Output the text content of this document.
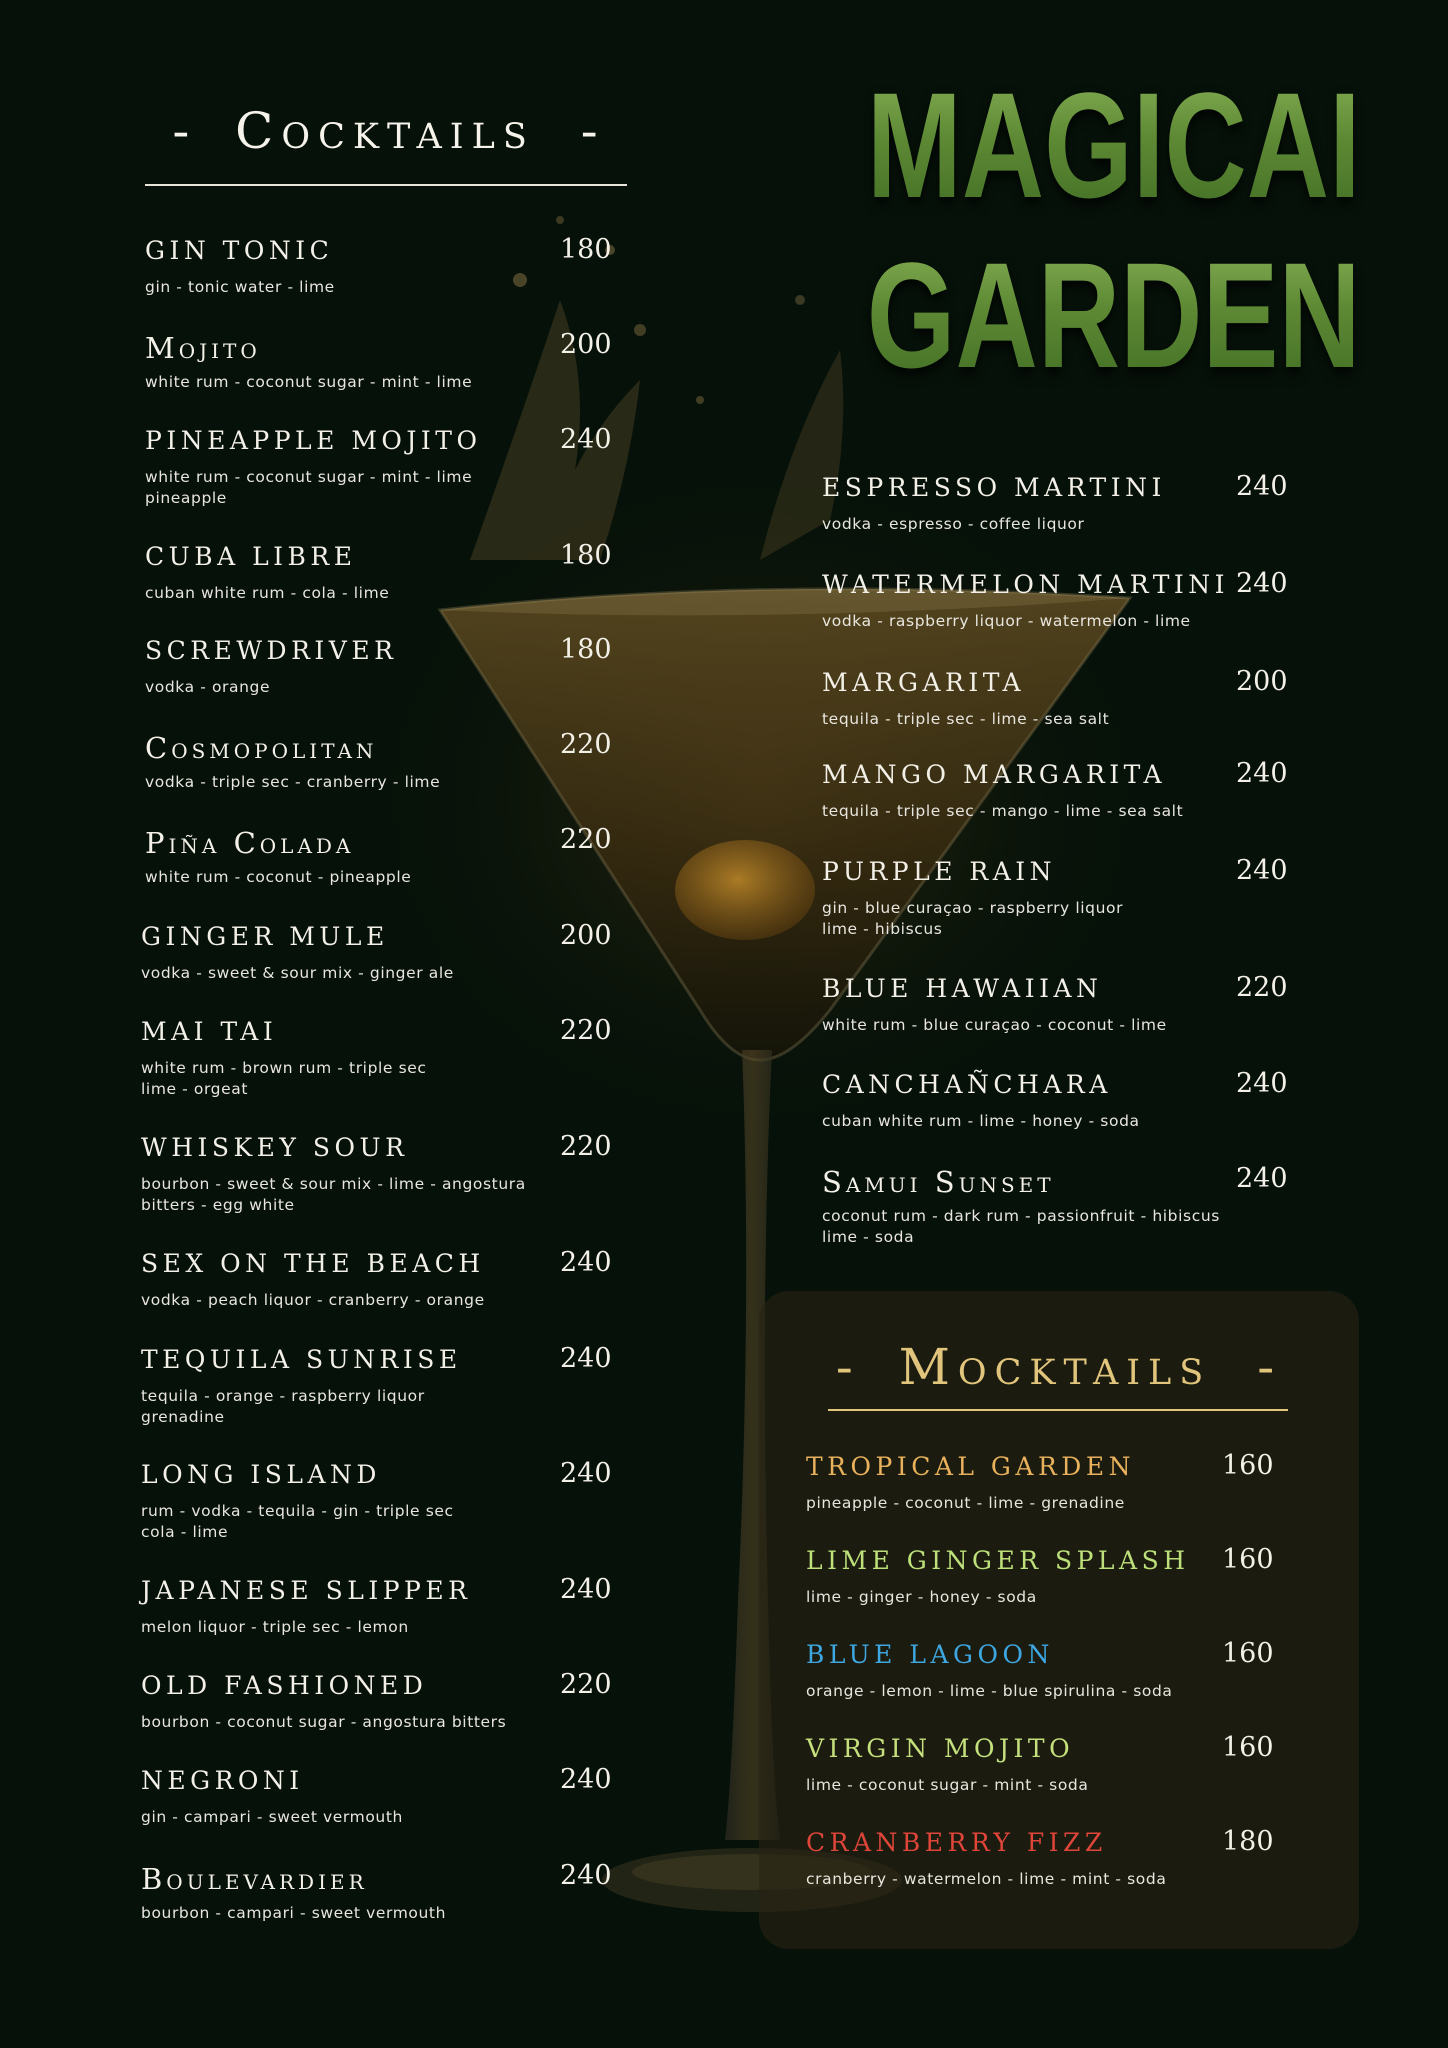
MAGICAL
GARDEN
- Cocktails -
GIN TONIC	180
gin - tonic water - lime
Mojito	200
white rum - coconut sugar - mint - lime
PINEAPPLE MOJITO	240
white rum - coconut sugar - mint - lime
pineapple
CUBA LIBRE	180
cuban white rum - cola - lime
SCREWDRIVER	180
vodka - orange
Cosmopolitan	220
vodka - triple sec - cranberry - lime
Piña Colada	220
white rum - coconut - pineapple
GINGER MULE	200
vodka - sweet & sour mix - ginger ale
MAI TAI	220
white rum - brown rum - triple sec
lime - orgeat
WHISKEY SOUR	220
bourbon - sweet & sour mix - lime - angostura
bitters - egg white
SEX ON THE BEACH	240
vodka - peach liquor - cranberry - orange
TEQUILA SUNRISE	240
tequila - orange - raspberry liquor
grenadine
LONG ISLAND	240
rum - vodka - tequila - gin - triple sec
cola - lime
JAPANESE SLIPPER	240
melon liquor - triple sec - lemon
OLD FASHIONED	220
bourbon - coconut sugar - angostura bitters
NEGRONI	240
gin - campari - sweet vermouth
Boulevardier	240
bourbon - campari - sweet vermouth
ESPRESSO MARTINI	240
vodka - espresso - coffee liquor
WATERMELON MARTINI 240
vodka - raspberry liquor - watermelon - lime
MARGARITA	200
tequila - triple sec - lime - sea salt
MANGO MARGARITA	240
tequila - triple sec - mango - lime - sea salt
PURPLE RAIN	240
gin - blue curaçao - raspberry liquor
lime - hibiscus
BLUE HAWAIIAN	220
white rum - blue curaçao - coconut - lime
CANCHAÑCHARA	240
cuban white rum - lime - honey - soda
Samui Sunset	240
coconut rum - dark rum - passionfruit - hibiscus
lime - soda
- Mocktails -
TROPICAL GARDEN	160
pineapple - coconut - lime - grenadine
LIME GINGER SPLASH 160
lime - ginger - honey - soda
BLUE LAGOON	160
orange - lemon - lime - blue spirulina - soda
VIRGIN MOJITO	160
lime - coconut sugar - mint - soda
CRANBERRY FIZZ	180
cranberry - watermelon - lime - mint - soda
